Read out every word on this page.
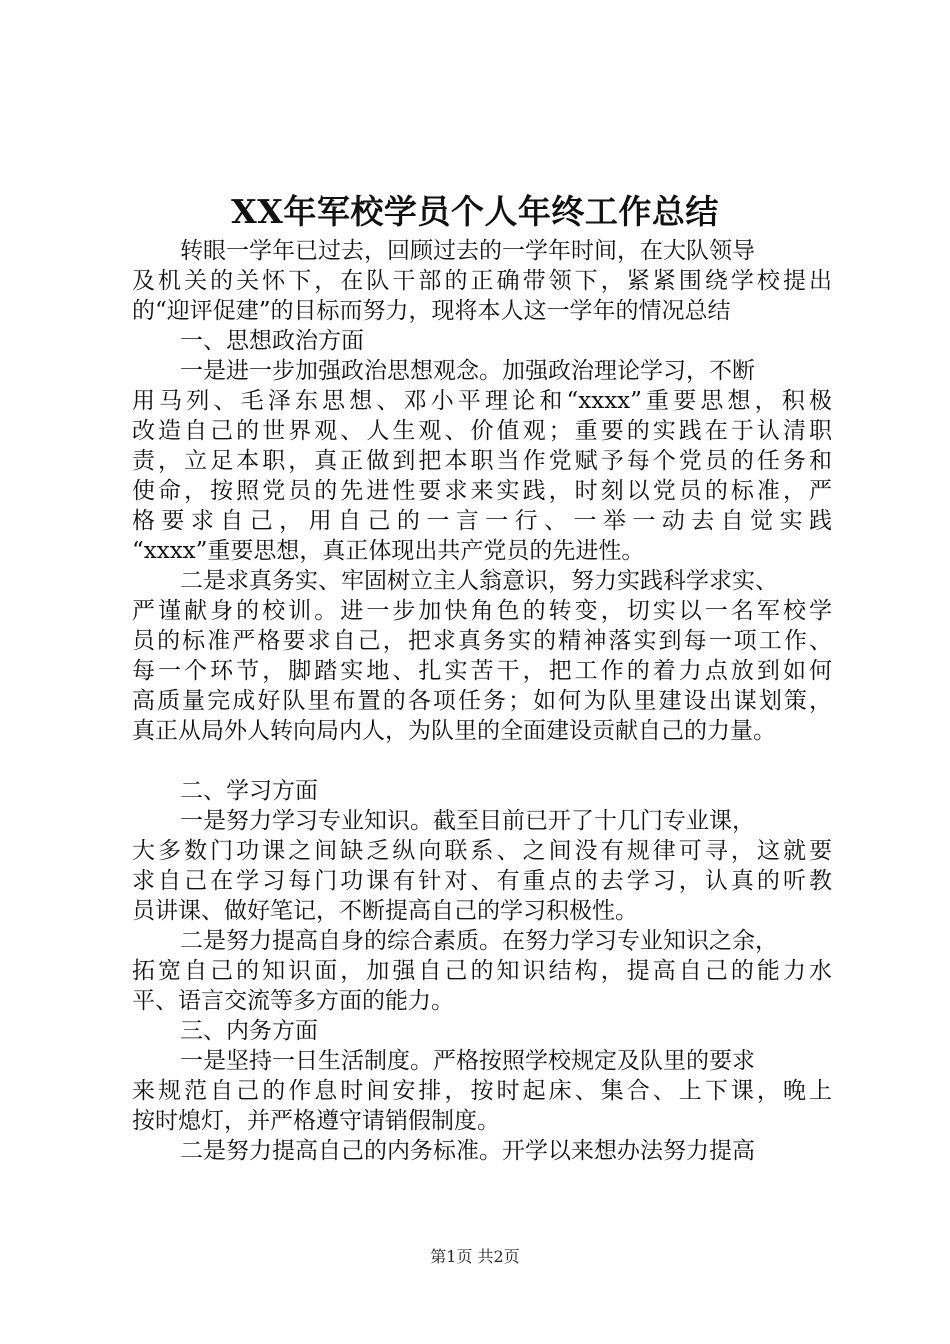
XX年军校学员个人年终工作总结
转眼一学年已过去，回顾过去的一学年时间，在大队领导
及机关的关怀下，在队干部的正确带领下，紧紧围绕学校提出
的“迎评促建”的目标而努力，现将本人这一学年的情况总结
一、思想政治方面
一是进一步加强政治思想观念。加强政治理论学习，不断
用马列、毛泽东思想、邓小平理论和“xxxx”重要思想，积极
改造自己的世界观、人生观、价值观；重要的实践在于认清职
责，立足本职，真正做到把本职当作党赋予每个党员的任务和
使命，按照党员的先进性要求来实践，时刻以党员的标准，严
格要求自己，用自己的一言一行、一举一动去自觉实践
“xxxx”重要思想，真正体现出共产党员的先进性。
二是求真务实、牢固树立主人翁意识，努力实践科学求实、
严谨献身的校训。进一步加快角色的转变，切实以一名军校学
员的标准严格要求自己，把求真务实的精神落实到每一项工作、
每一个环节，脚踏实地、扎实苦干，把工作的着力点放到如何
高质量完成好队里布置的各项任务；如何为队里建设出谋划策，
真正从局外人转向局内人，为队里的全面建设贡献自己的力量。
二、学习方面
一是努力学习专业知识。截至目前已开了十几门专业课，
大多数门功课之间缺乏纵向联系、之间没有规律可寻，这就要
求自己在学习每门功课有针对、有重点的去学习，认真的听教
员讲课、做好笔记，不断提高自己的学习积极性。
二是努力提高自身的综合素质。在努力学习专业知识之余，
拓宽自己的知识面，加强自己的知识结构，提高自己的能力水
平、语言交流等多方面的能力。
三、内务方面
一是坚持一日生活制度。严格按照学校规定及队里的要求
来规范自己的作息时间安排，按时起床、集合、上下课，晚上
按时熄灯，并严格遵守请销假制度。
二是努力提高自己的内务标准。开学以来想办法努力提高
第1页 共2页
